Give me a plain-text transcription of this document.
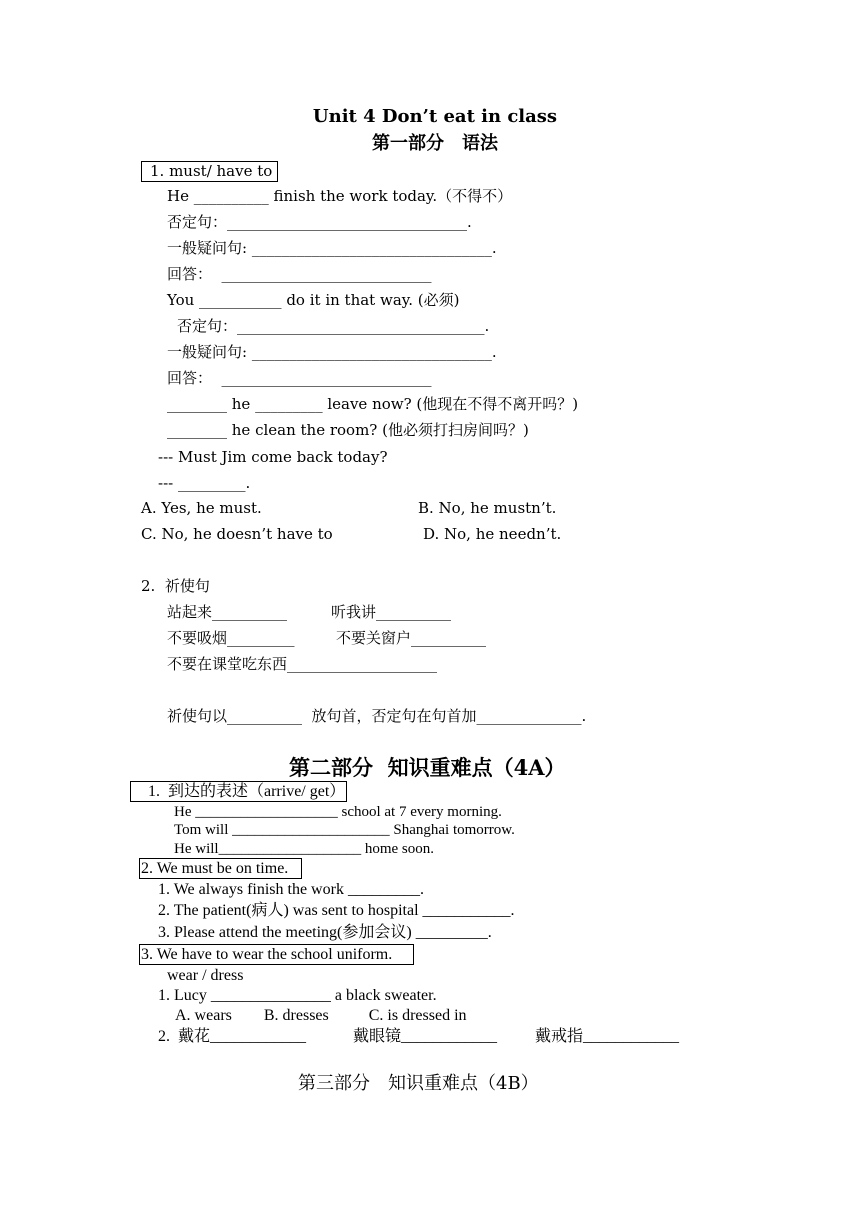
Unit 4 Don’t eat in class
第一部分　语法
1. must/ have to
He __________ finish the work today.（不得不）
否定句：________________________________.
一般疑问句: ________________________________.
回答：  ____________________________
You ___________ do it in that way. (必须)
否定句：_________________________________.
一般疑问句: ________________________________.
回答：  ____________________________
________ he _________ leave now? (他现在不得不离开吗？)
________ he clean the room? (他必须打扫房间吗？)
--- Must Jim come back today?
--- _________.
A. Yes, he must.	B. No, he mustn’t.
C. No, he doesn’t have to	D. No, he needn’t.
2.  祈使句
站起来__________	听我讲__________
不要吸烟_________	不要关窗户__________
不要在课堂吃东西____________________
祈使句以__________  放句首，否定句在句首加______________.
第二部分  知识重难点（4A）
1.  到达的表述（arrive/ get）
He ___________________ school at 7 every morning.
Tom will _____________________ Shanghai tomorrow.
He will___________________ home soon.
2. We must be on time.
1. We always finish the work _________.
2. The patient(病人) was sent to hospital ___________.
3. Please attend the meeting(参加会议) _________.
3. We have to wear the school uniform.
wear / dress
1. Lucy _______________ a black sweater.
A. wears        B. dresses          C. is dressed in
2.  戴花____________	戴眼镜____________ 戴戒指____________
第三部分　知识重难点（4B）
